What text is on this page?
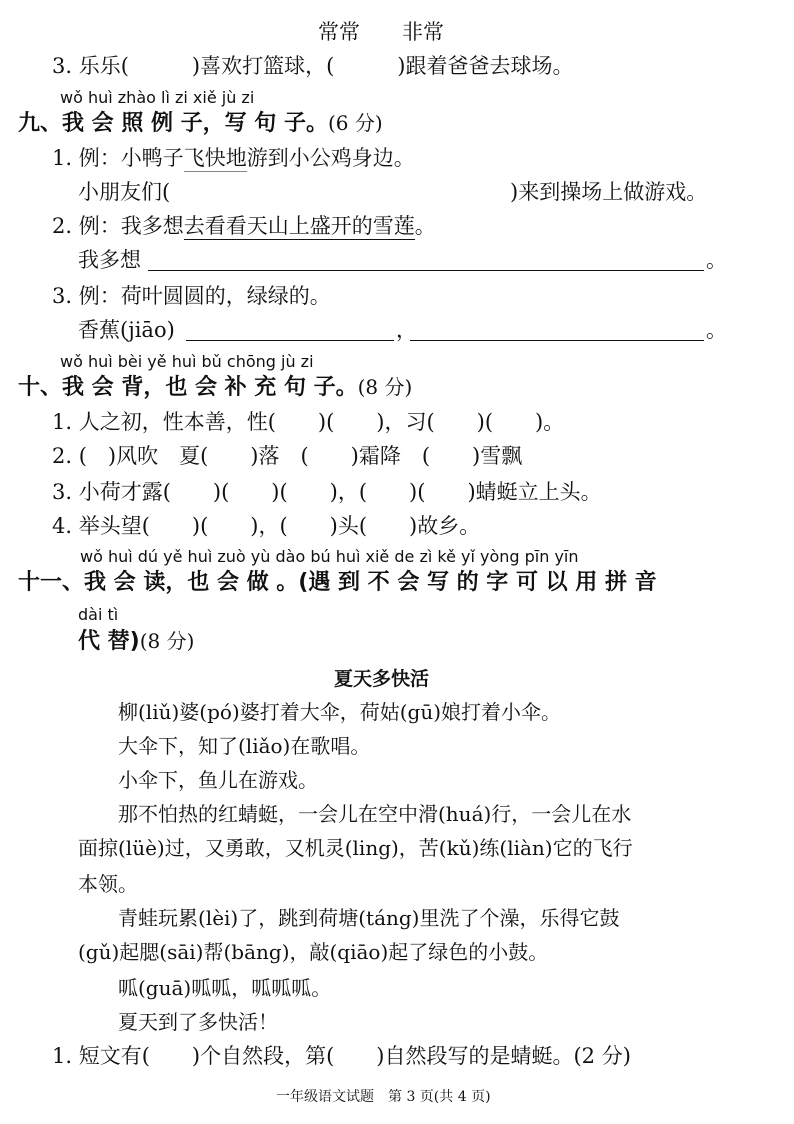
常常　　非常
3. 乐乐(　　　)喜欢打篮球，(　　　)跟着爸爸去球场。
wǒ huì zhào lì zi xiě jù zi
九、我 会 照 例 子，写 句 子。(6 分)
1. 例：小鸭子飞快地游到小公鸡身边。
小朋友们(	)来到操场上做游戏。
2. 例：我多想去看看天山上盛开的雪莲。
我多想	。
3. 例：荷叶圆圆的，绿绿的。
香蕉(jiāo)	，	。
wǒ huì bèi yě huì bǔ chōng jù zi
十、我 会 背，也 会 补 充 句 子。(8 分)
1. 人之初，性本善，性(　　)(　　)，习(　　)(　　)。
2. (　)风吹　夏(　　)落　(　　)霜降　(　　)雪飘
3. 小荷才露(　　)(　　)(　　)，(　　)(　　)蜻蜓立上头。
4. 举头望(　　)(　　)，(　　)头(　　)故乡。
wǒ huì dú yě huì zuò yù dào bú huì xiě de zì kě yǐ yòng pīn yīn
十一、我 会 读，也 会 做 。(遇 到 不 会 写 的 字 可 以 用 拼 音
dài tì
代 替)(8 分)
夏天多快活
柳(liǔ)婆(pó)婆打着大伞，荷姑(gū)娘打着小伞。
大伞下，知了(liǎo)在歌唱。
小伞下，鱼儿在游戏。
那不怕热的红蜻蜓，一会儿在空中滑(huá)行，一会儿在水
面掠(lüè)过，又勇敢，又机灵(ling)，苦(kǔ)练(liàn)它的飞行
本领。
青蛙玩累(lèi)了，跳到荷塘(táng)里洗了个澡，乐得它鼓
(gǔ)起腮(sāi)帮(bāng)，敲(qiāo)起了绿色的小鼓。
呱(guā)呱呱，呱呱呱。
夏天到了多快活！
1. 短文有(　　)个自然段，第(　　)自然段写的是蜻蜓。(2 分)
一年级语文试题　第 3 页(共 4 页)
